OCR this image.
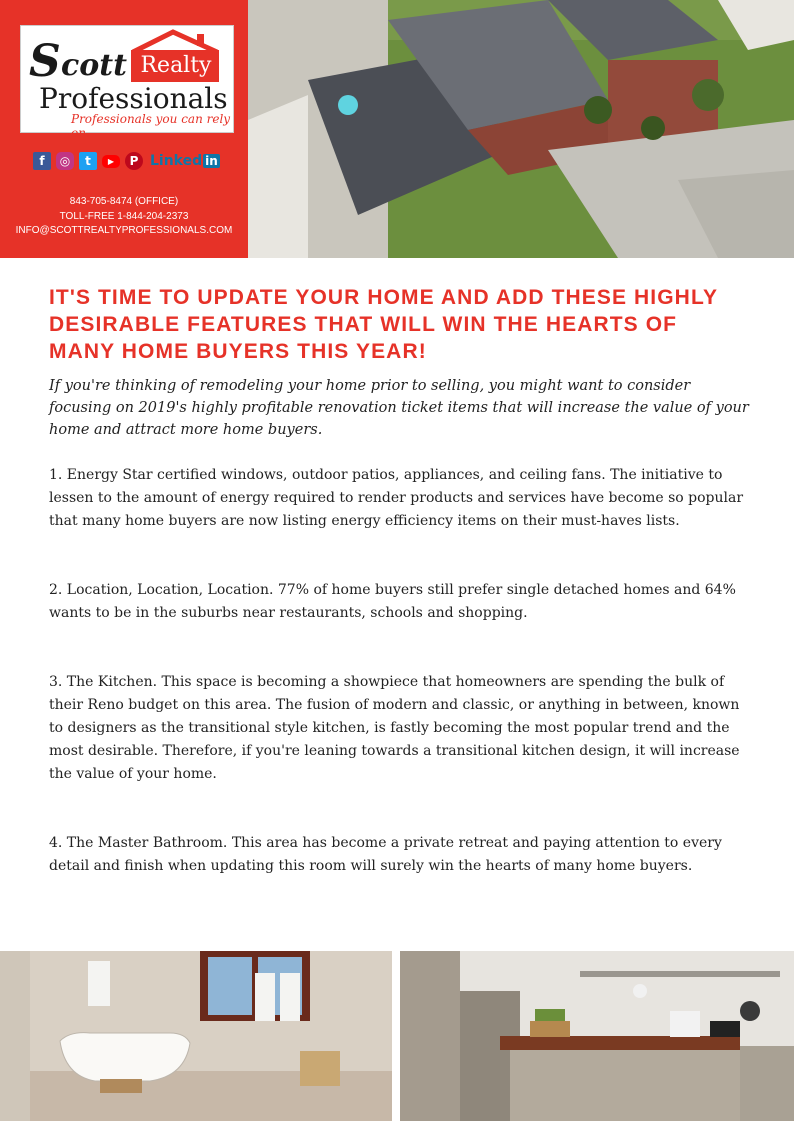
S cott Realty
Professionals
Professionals you can rely on...
f	◎	t	▶	P Linked in
843-705-8474 (OFFICE)
TOLL-FREE 1-844-204-2373
INFO@SCOTTREALTYPROFESSIONALS.COM
IT'S TIME TO UPDATE YOUR HOME AND ADD THESE HIGHLY DESIRABLE FEATURES THAT WILL WIN THE HEARTS OF MANY HOME BUYERS THIS YEAR!

If you're thinking of remodeling your home prior to selling, you might want to consider focusing on 2019's highly profitable renovation ticket items that will increase the value of your home and attract more home buyers.

1. Energy Star certified windows, outdoor patios, appliances, and ceiling fans. The initiative to lessen to the amount of energy required to render products and services have become so popular that many home buyers are now listing energy efficiency items on their must-haves lists.

2. Location, Location, Location. 77% of home buyers still prefer single detached homes and 64% wants to be in the suburbs near restaurants, schools and shopping.

3. The Kitchen. This space is becoming a showpiece that homeowners are spending the bulk of their Reno budget on this area. The fusion of modern and classic, or anything in between, known to designers as the transitional style kitchen, is fastly becoming the most popular trend and the most desirable. Therefore, if you're leaning towards a transitional kitchen design, it will increase the value of your home.

4. The Master Bathroom. This area has become a private retreat and paying attention to every detail and finish when updating this room will surely win the hearts of many home buyers.
